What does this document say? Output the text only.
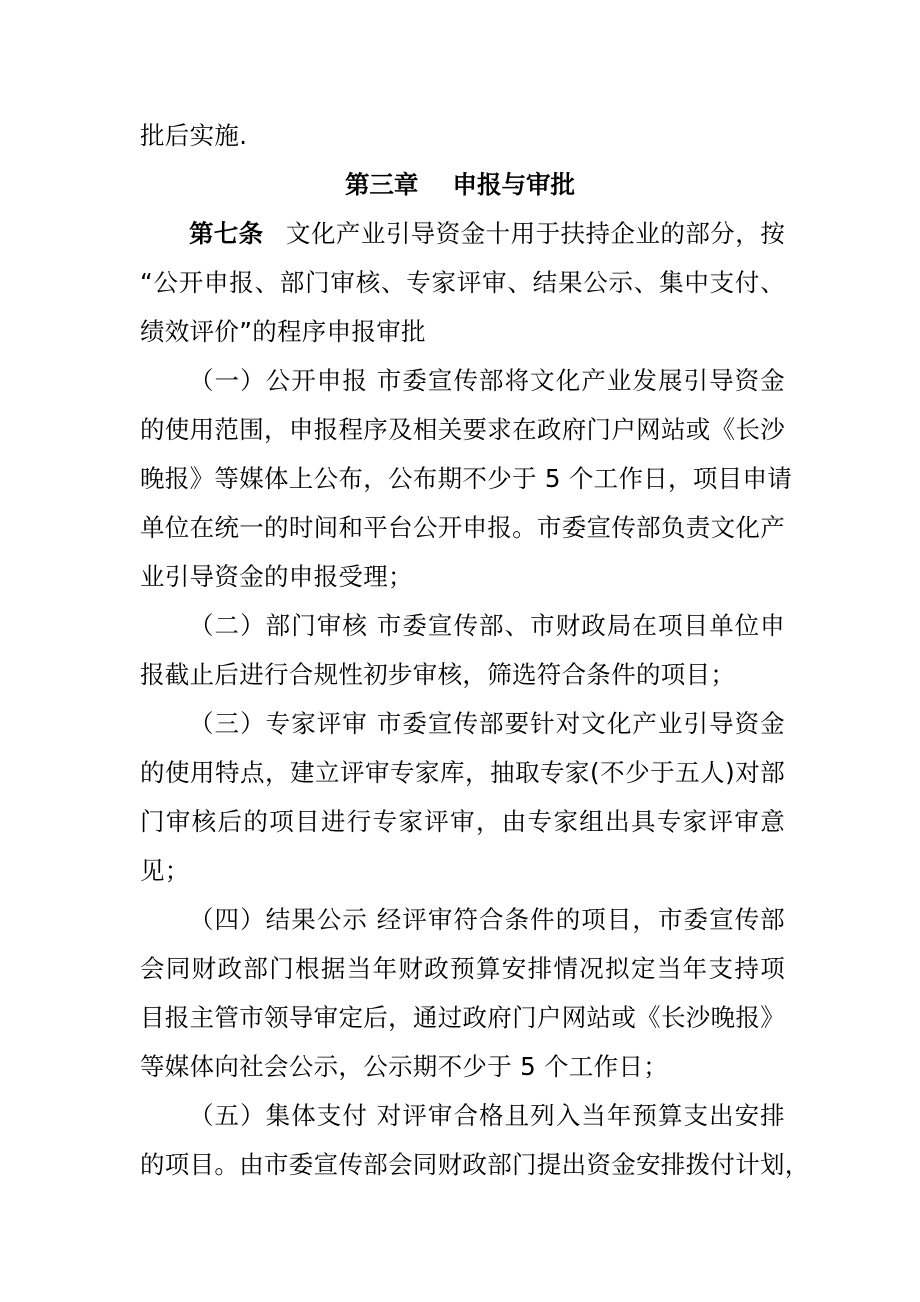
批后实施.
第三章    申报与审批
第七条 文化产业引导资金十用于扶持企业的部分，按
“公开申报、部门审核、专家评审、结果公示、集中支付、
绩效评价”的程序申报审批
（一）公开申报 市委宣传部将文化产业发展引导资金
的使用范围，申报程序及相关要求在政府门户网站或《长沙
晚报》等媒体上公布，公布期不少于 5 个工作日，项目申请
单位在统一的时间和平台公开申报。市委宣传部负责文化产
业引导资金的申报受理；
（二）部门审核 市委宣传部、市财政局在项目单位申
报截止后进行合规性初步审核，筛选符合条件的项目；
（三）专家评审 市委宣传部要针对文化产业引导资金
的使用特点，建立评审专家库，抽取专家(不少于五人)对部
门审核后的项目进行专家评审，由专家组出具专家评审意
见；
（四）结果公示 经评审符合条件的项目，市委宣传部
会同财政部门根据当年财政预算安排情况拟定当年支持项
目报主管市领导审定后，通过政府门户网站或《长沙晚报》
等媒体向社会公示，公示期不少于 5 个工作日；
（五）集体支付 对评审合格且列入当年预算支出安排
的项目。由市委宣传部会同财政部门提出资金安排拨付计划，
